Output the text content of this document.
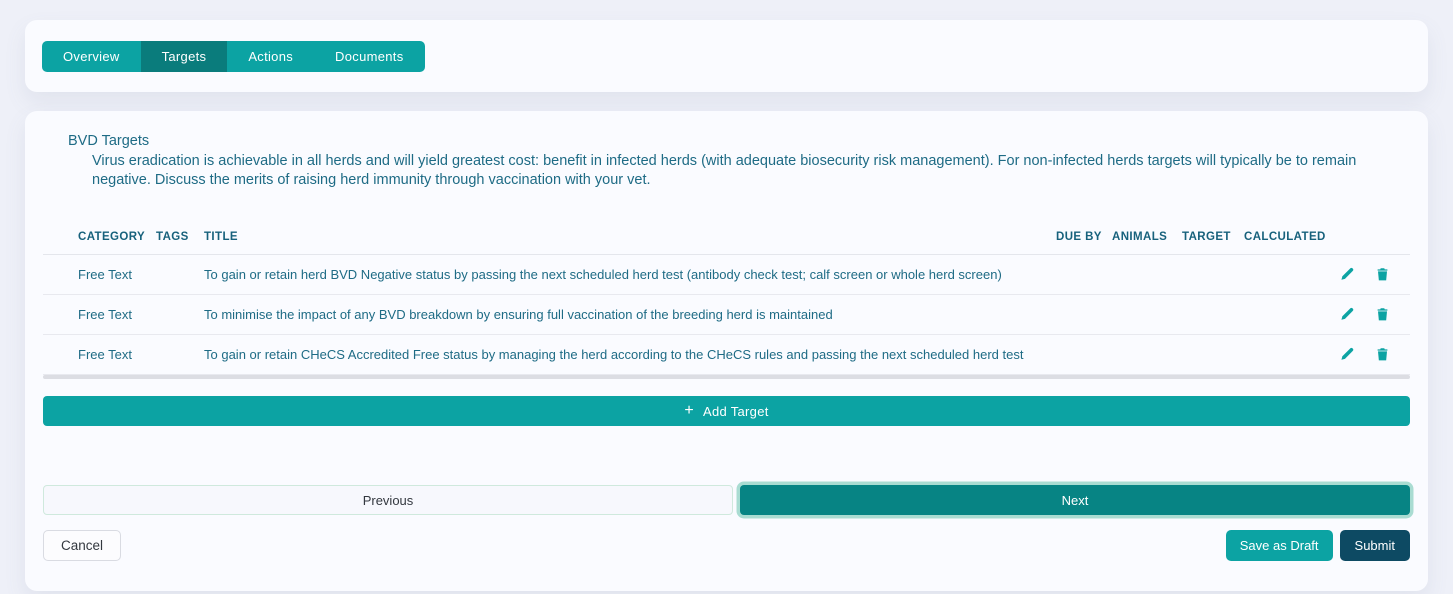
Overview	Targets	Actions	Documents
BVD Targets
Virus eradication is achievable in all herds and will yield greatest cost: benefit in infected herds (with adequate biosecurity risk management). For non-infected herds targets will typically be to remain negative. Discuss the merits of raising herd immunity through vaccination with your vet.
CATEGORY TAGS	TITLE	DUE BY ANIMALS	TARGET	CALCULATED
Free Text	To gain or retain herd BVD Negative status by passing the next scheduled herd test (antibody check test; calf screen or whole herd screen)
Free Text	To minimise the impact of any BVD breakdown by ensuring full vaccination of the breeding herd is maintained
Free Text	To gain or retain CHeCS Accredited Free status by managing the herd according to the CHeCS rules and passing the next scheduled herd test
+ Add Target
Previous	Next
Cancel	Save as Draft	Submit
